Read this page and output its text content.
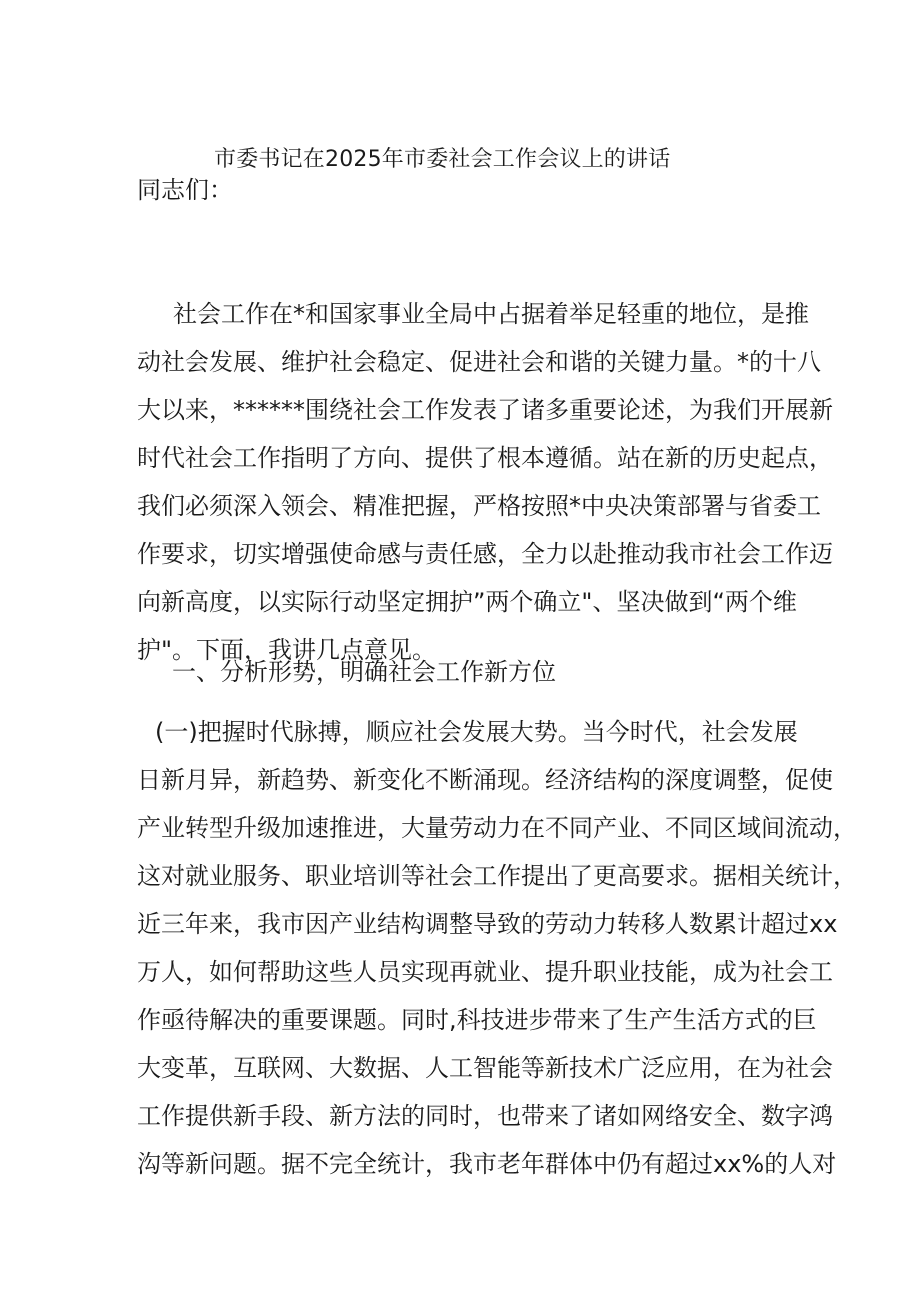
市委书记在2025年市委社会工作会议上的讲话
同志们：
社会工作在*和国家事业全局中占据着举足轻重的地位，是推
动社会发展、维护社会稳定、促进社会和谐的关键力量。*的十八
大以来，******围绕社会工作发表了诸多重要论述，为我们开展新
时代社会工作指明了方向、提供了根本遵循。站在新的历史起点，
我们必须深入领会、精准把握，严格按照*中央决策部署与省委工
作要求，切实增强使命感与责任感，全力以赴推动我市社会工作迈
向新高度，以实际行动坚定拥护”两个确立"、坚决做到“两个维
护"。下面，我讲几点意见。
一、分析形势，明确社会工作新方位
(一)把握时代脉搏，顺应社会发展大势。当今时代，社会发展
日新月异，新趋势、新变化不断涌现。经济结构的深度调整，促使
产业转型升级加速推进，大量劳动力在不同产业、不同区域间流动，
这对就业服务、职业培训等社会工作提出了更高要求。据相关统计，
近三年来，我市因产业结构调整导致的劳动力转移人数累计超过xx
万人，如何帮助这些人员实现再就业、提升职业技能，成为社会工
作亟待解决的重要课题。同时,科技进步带来了生产生活方式的巨
大变革，互联网、大数据、人工智能等新技术广泛应用，在为社会
工作提供新手段、新方法的同时，也带来了诸如网络安全、数字鸿
沟等新问题。据不完全统计，我市老年群体中仍有超过xx%的人对
